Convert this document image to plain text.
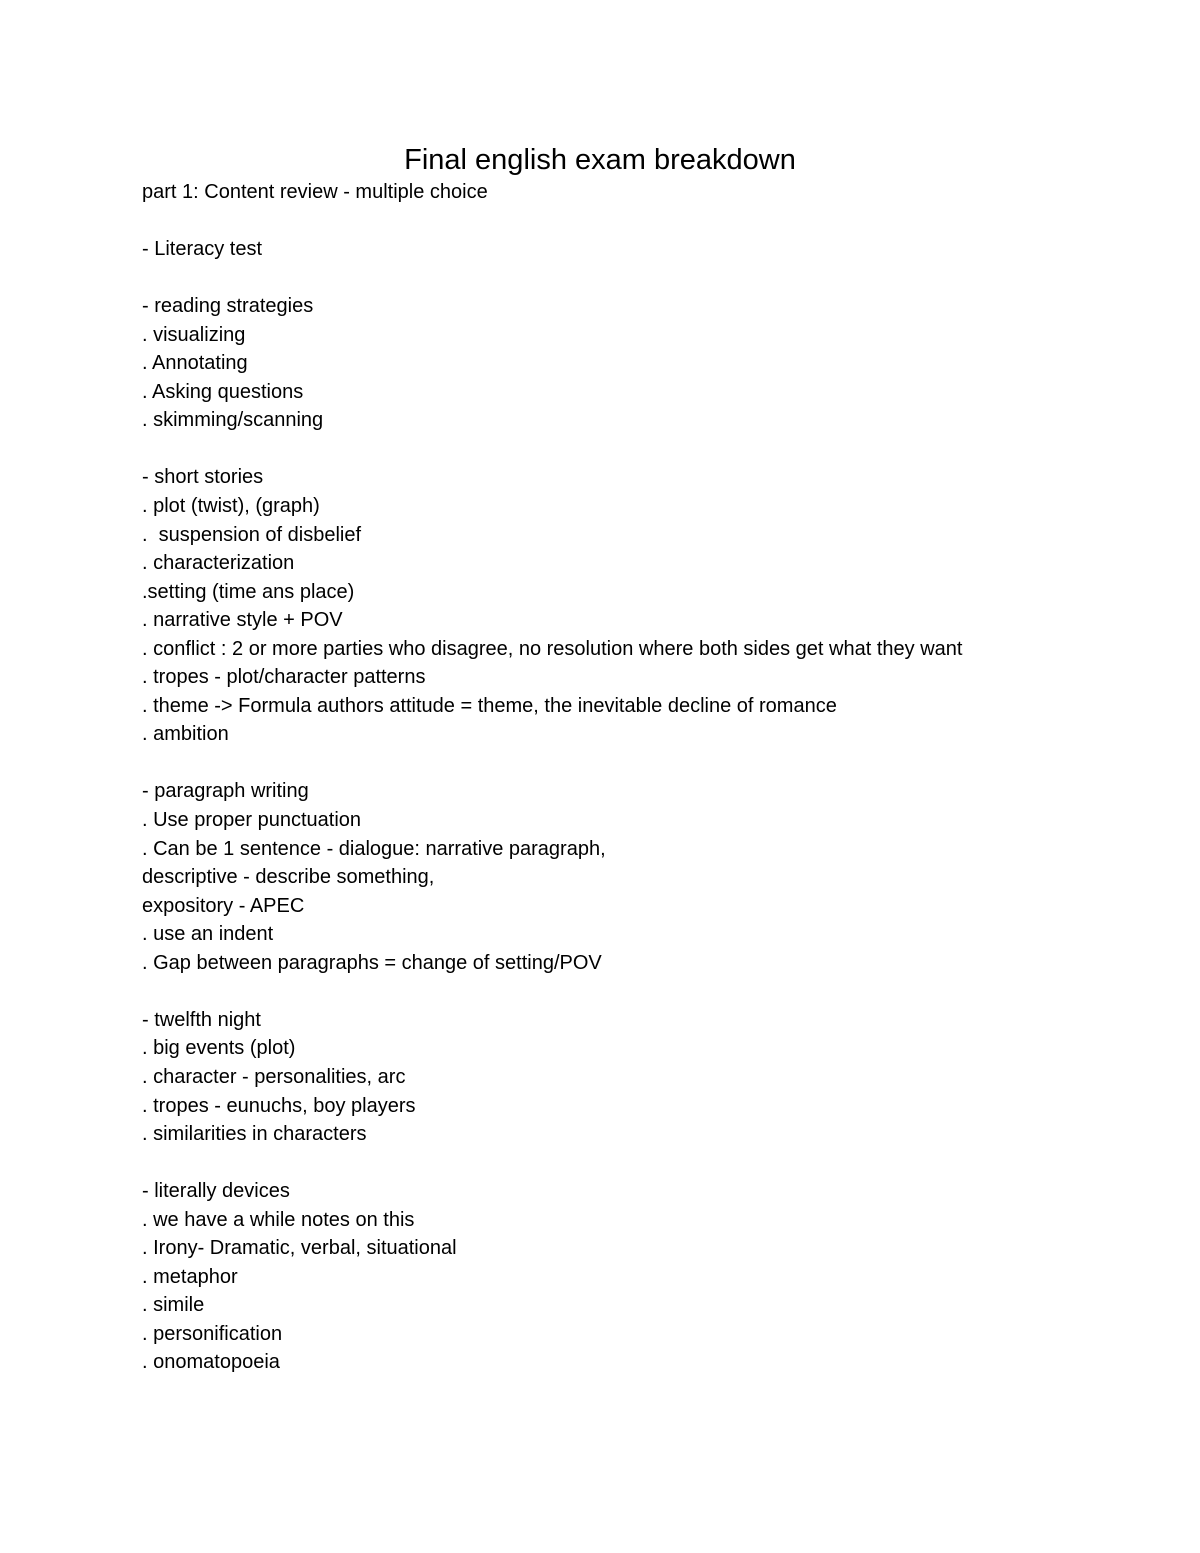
Final english exam breakdown
part 1: Content review - multiple choice
- Literacy test
- reading strategies
. visualizing
. Annotating
. Asking questions
. skimming/scanning
- short stories
. plot (twist), (graph)
.  suspension of disbelief
. characterization
.setting (time ans place)
. narrative style + POV
. conflict : 2 or more parties who disagree, no resolution where both sides get what they want
. tropes - plot/character patterns
. theme -> Formula authors attitude = theme, the inevitable decline of romance
. ambition
- paragraph writing
. Use proper punctuation
. Can be 1 sentence - dialogue: narrative paragraph,
descriptive - describe something,
expository - APEC
. use an indent
. Gap between paragraphs = change of setting/POV
- twelfth night
. big events (plot)
. character - personalities, arc
. tropes - eunuchs, boy players
. similarities in characters
- literally devices
. we have a while notes on this
. Irony- Dramatic, verbal, situational
. metaphor
. simile
. personification
. onomatopoeia
